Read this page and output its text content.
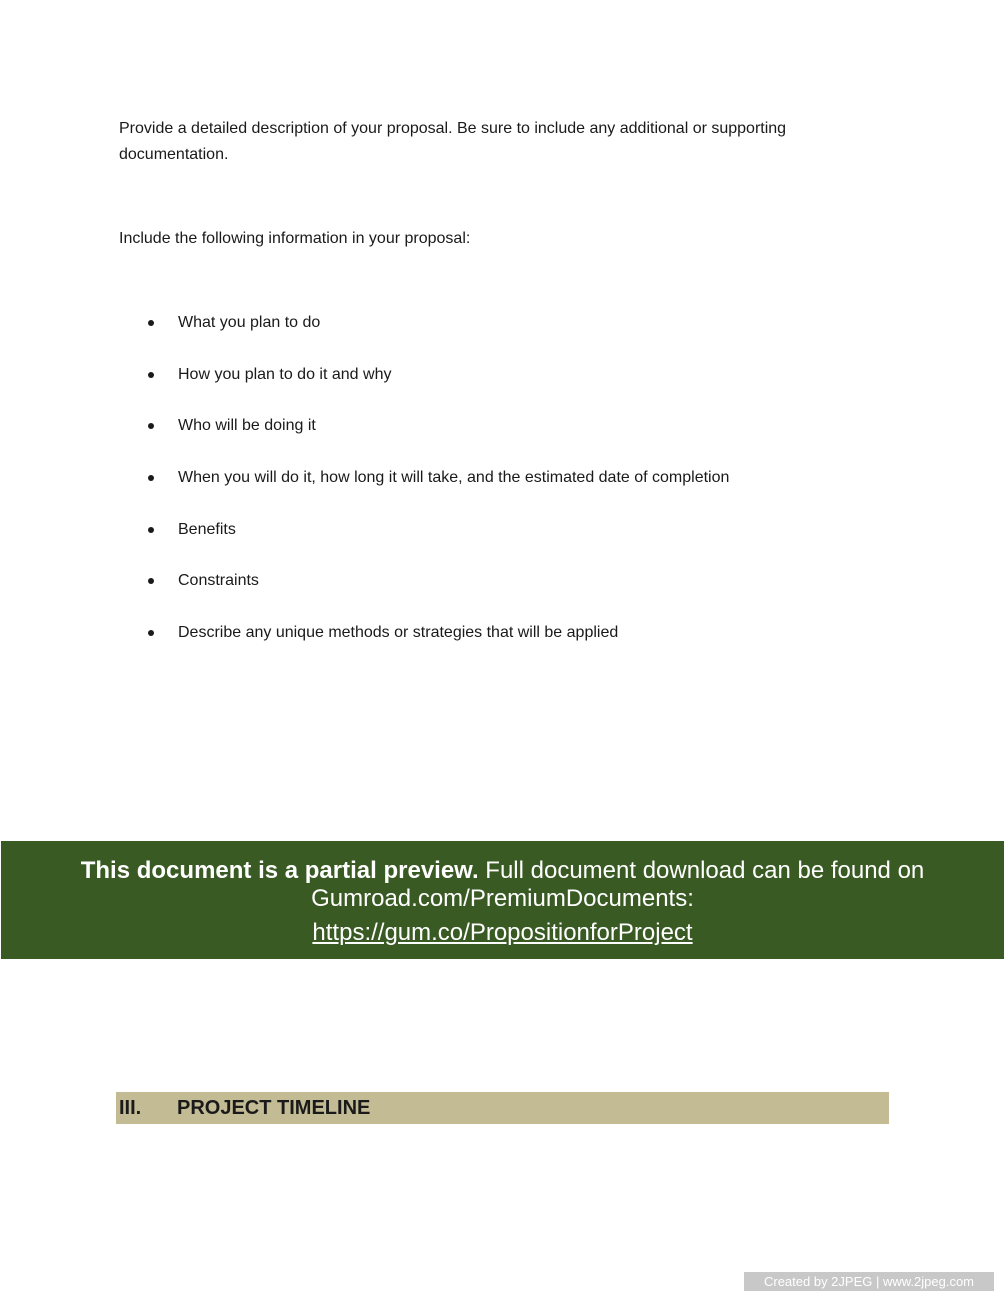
Provide a detailed description of your proposal. Be sure to include any additional or supporting documentation.

Include the following information in your proposal:

What you plan to do
How you plan to do it and why
Who will be doing it
When you will do it, how long it will take, and the estimated date of completion
Benefits
Constraints
Describe any unique methods or strategies that will be applied
This document is a partial preview. Full document download can be found on
Gumroad.com/PremiumDocuments:
https://gum.co/PropositionforProject
III. PROJECT TIMELINE
Created by 2JPEG | www.2jpeg.com
